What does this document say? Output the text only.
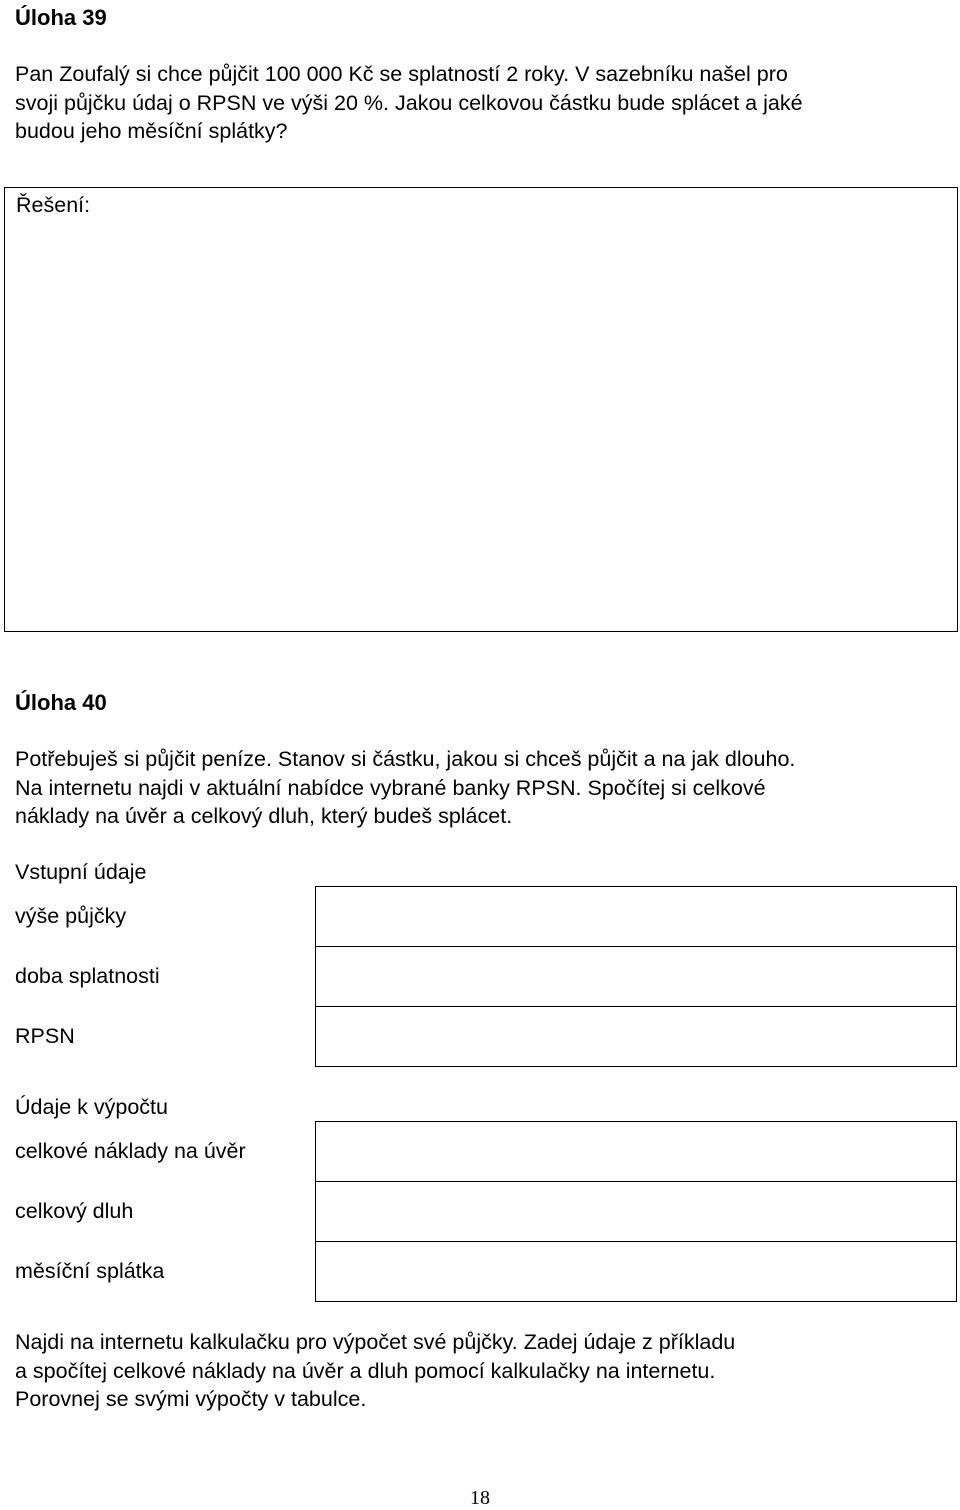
Úloha 39
Pan Zoufalý si chce půjčit 100 000 Kč se splatností 2 roky. V sazebníku našel pro
svoji půjčku údaj o RPSN ve výši 20 %. Jakou celkovou částku bude splácet a jaké
budou jeho měsíční splátky?
Řešení:
Úloha 40
Potřebuješ si půjčit peníze. Stanov si částku, jakou si chceš půjčit a na jak dlouho.
Na internetu najdi v aktuální nabídce vybrané banky RPSN. Spočítej si celkové
náklady na úvěr a celkový dluh, který budeš splácet.
Vstupní údaje
výše půjčky	
doba splatnosti	
RPSN	
Údaje k výpočtu
celkové náklady na úvěr	
celkový dluh	
měsíční splátka	
Najdi na internetu kalkulačku pro výpočet své půjčky. Zadej údaje z příkladu
a spočítej celkové náklady na úvěr a dluh pomocí kalkulačky na internetu.
Porovnej se svými výpočty v tabulce.
18
